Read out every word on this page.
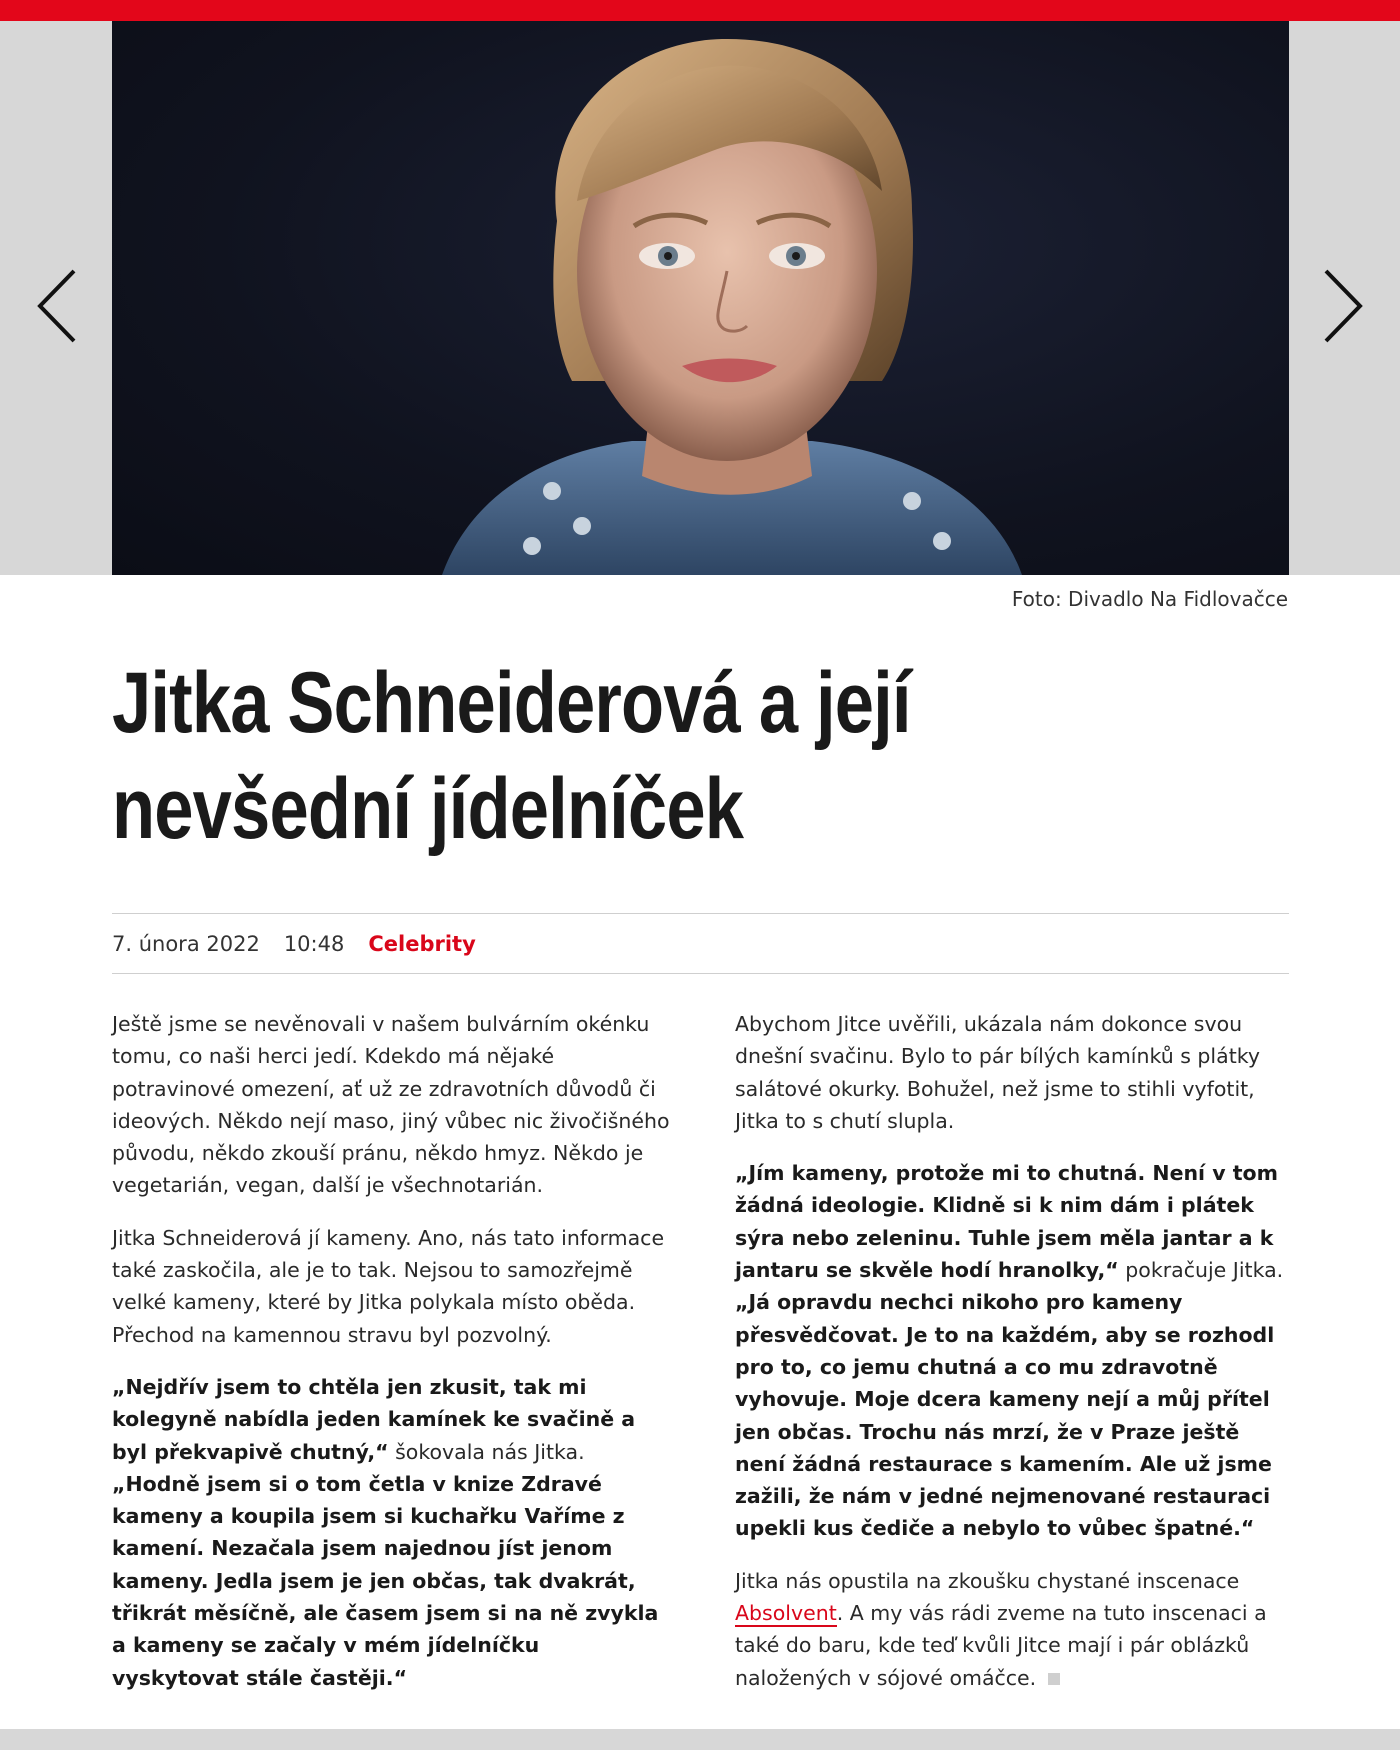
Foto: Divadlo Na Fidlovačce
Jitka Schneiderová a její
nevšední jídelníček
7. února 2022 10:48 Celebrity

Ještě jsme se nevěnovali v našem bulvárním okénku tomu, co naši herci jedí. Kdekdo má nějaké potravinové omezení, ať už ze zdravotních důvodů či ideových. Někdo nejí maso, jiný vůbec nic živočišného původu, někdo zkouší pránu, někdo hmyz. Někdo je vegetarián, vegan, další je všechnotarián.

Jitka Schneiderová jí kameny. Ano, nás tato informace také zaskočila, ale je to tak. Nejsou to samozřejmě velké kameny, které by Jitka polykala místo oběda. Přechod na kamennou stravu byl pozvolný.

„Nejdřív jsem to chtěla jen zkusit, tak mi kolegyně nabídla jeden kamínek ke svačině a byl překvapivě chutný,“ šokovala nás Jitka. „Hodně jsem si o tom četla v knize Zdravé kameny a koupila jsem si kuchařku Vaříme z kamení. Nezačala jsem najednou jíst jenom kameny. Jedla jsem je jen občas, tak dvakrát, třikrát měsíčně, ale časem jsem si na ně zvykla a kameny se začaly v mém jídelníčku vyskytovat stále častěji.“

Abychom Jitce uvěřili, ukázala nám dokonce svou dnešní svačinu. Bylo to pár bílých kamínků s plátky salátové okurky. Bohužel, než jsme to stihli vyfotit, Jitka to s chutí slupla.

„Jím kameny, protože mi to chutná. Není v tom žádná ideologie. Klidně si k nim dám i plátek sýra nebo zeleninu. Tuhle jsem měla jantar a k jantaru se skvěle hodí hranolky,“ pokračuje Jitka. „Já opravdu nechci nikoho pro kameny přesvědčovat. Je to na každém, aby se rozhodl pro to, co jemu chutná a co mu zdravotně vyhovuje. Moje dcera kameny nejí a můj přítel jen občas. Trochu nás mrzí, že v Praze ještě není žádná restaurace s kamením. Ale už jsme zažili, že nám v jedné nejmenované restauraci upekli kus čediče a nebylo to vůbec špatné.“

Jitka nás opustila na zkoušku chystané inscenace Absolvent. A my vás rádi zveme na tuto inscenaci a také do baru, kde teď kvůli Jitce mají i pár oblázků naložených v sójové omáčce.
